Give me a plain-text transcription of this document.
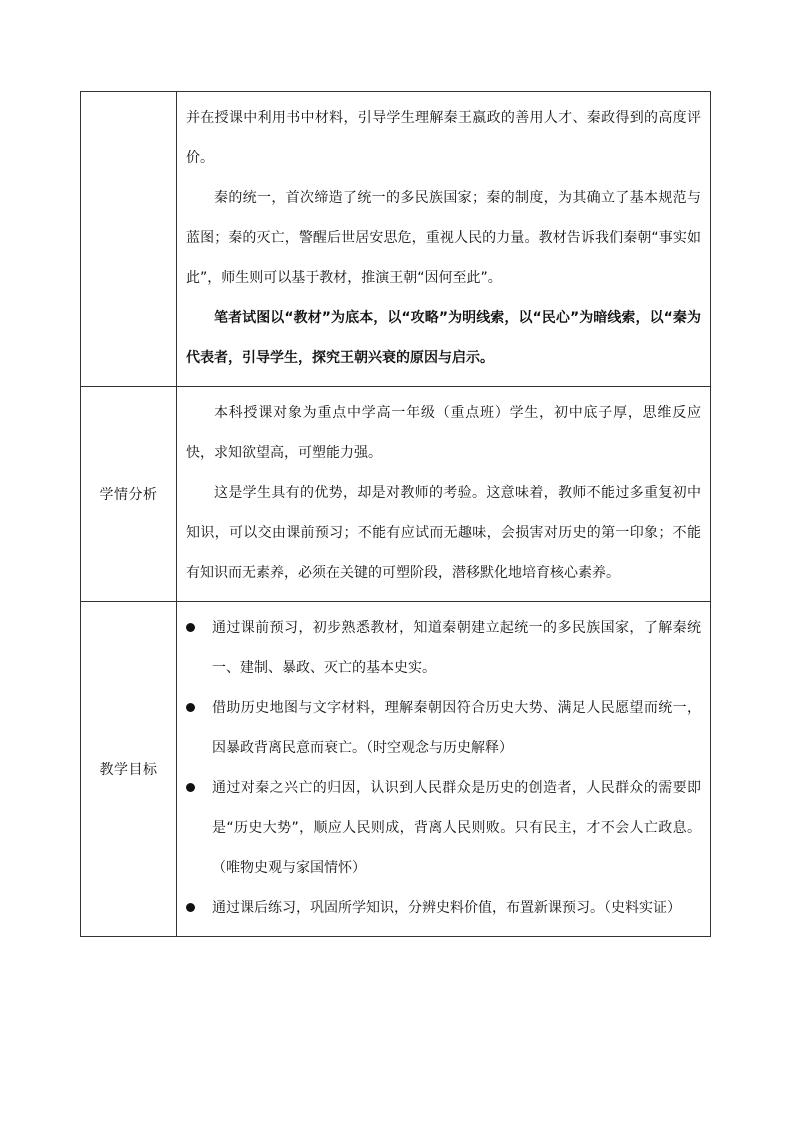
	并在授课中利用书中材料，引导学生理解秦王嬴政的善用人才、秦政得到的高度评价。

秦的统一，首次缔造了统一的多民族国家；秦的制度，为其确立了基本规范与蓝图；秦的灭亡，警醒后世居安思危，重视人民的力量。教材告诉我们秦朝“事实如此”，师生则可以基于教材，推演王朝“因何至此”。

笔者试图以“教材”为底本，以“攻略”为明线索，以“民心”为暗线索，以“秦为代表者，引导学生，探究王朝兴衰的原因与启示。

学情分析	本科授课对象为重点中学高一年级（重点班）学生，初中底子厚，思维反应快，求知欲望高，可塑能力强。

这是学生具有的优势，却是对教师的考验。这意味着，教师不能过多重复初中知识，可以交由课前预习；不能有应试而无趣味，会损害对历史的第一印象；不能有知识而无素养，必须在关键的可塑阶段，潜移默化地培育核心素养。

教学目标	通过课前预习，初步熟悉教材，知道秦朝建立起统一的多民族国家，了解秦统一、建制、暴政、灭亡的基本史实。

借助历史地图与文字材料，理解秦朝因符合历史大势、满足人民愿望而统一，因暴政背离民意而衰亡。（时空观念与历史解释）

通过对秦之兴亡的归因，认识到人民群众是历史的创造者，人民群众的需要即是“历史大势”，顺应人民则成，背离人民则败。只有民主，才不会人亡政息。（唯物史观与家国情怀）

通过课后练习，巩固所学知识，分辨史料价值，布置新课预习。（史料实证）
